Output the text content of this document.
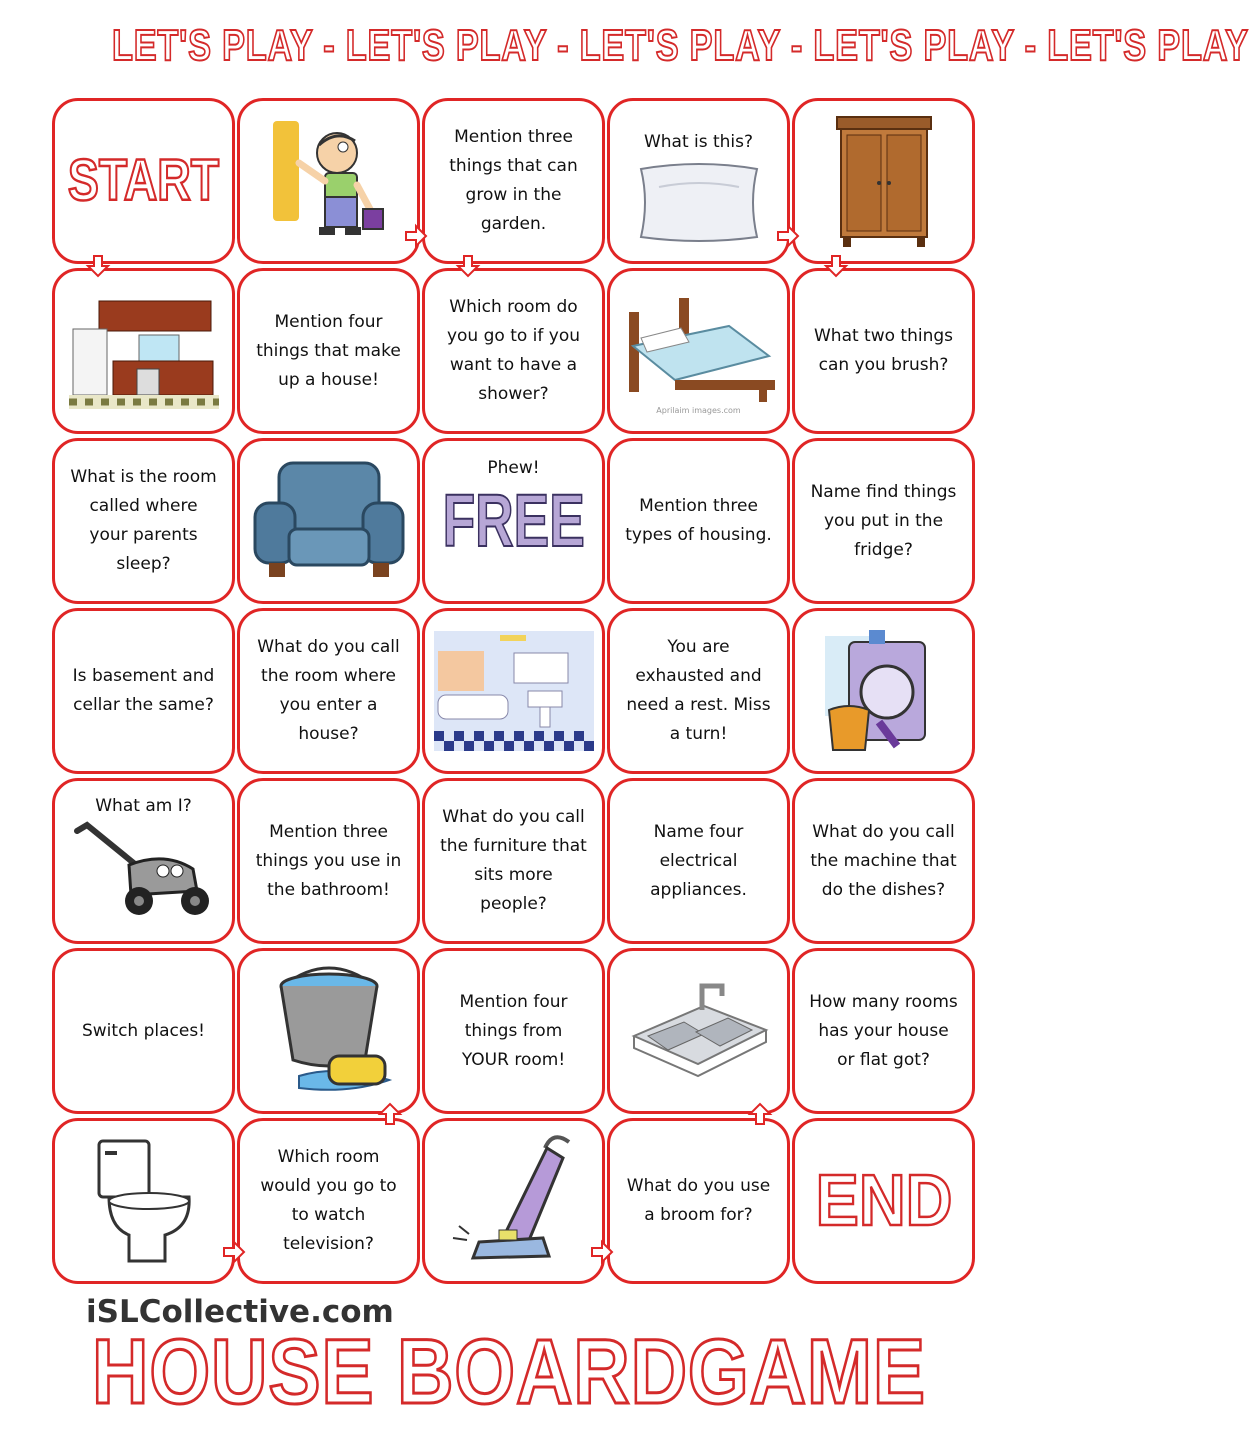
LET'S PLAY - LET'S PLAY - LET'S PLAY - LET'S PLAY - LET'S PLAY
START
Mention three things that can grow in the garden.
What is this?
Mention four things that make up a house!
Which room do you go to if you want to have a shower?
Aprilaim images.com
What two things can you brush?
What is the room called where your parents sleep?
Phew!
FREE	Mention three types of housing.
Name find things you put in the fridge?
Is basement and cellar the same?
What do you call the room where you enter a house?
You are exhausted and need a rest. Miss a turn!
What am I?
Mention three things you use in the bathroom!
What do you call the furniture that sits more people?
Name four electrical appliances.
What do you call the machine that do the dishes?
Switch places!
Mention four things from YOUR room!
How many rooms has your house or flat got?
Which room would you go to to watch television?
What do you use a broom for? END
iSLCollective.com
HOUSE BOARDGAME
